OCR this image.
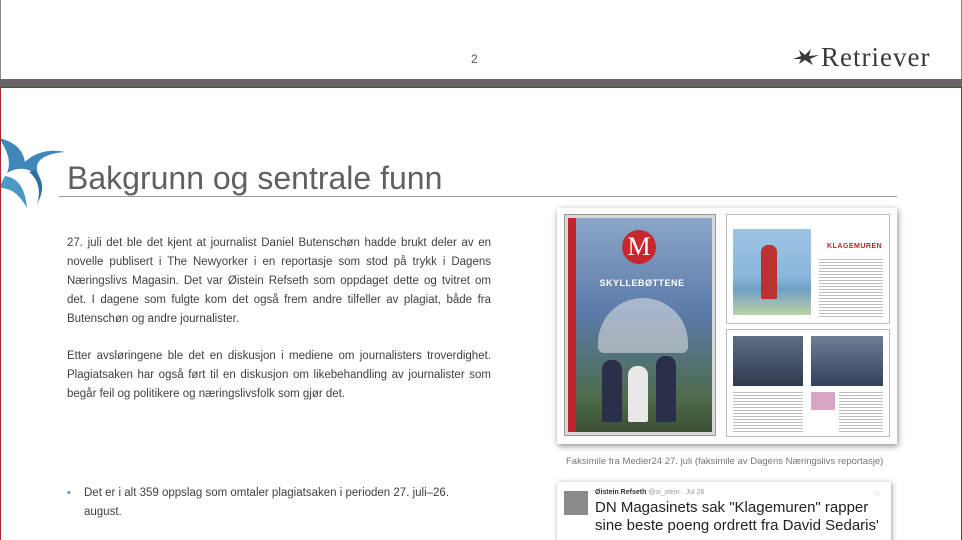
2	Retriever
Bakgrunn og sentrale funn

27. juli det ble det kjent at journalist Daniel Butenschøn hadde brukt deler av en novelle publisert i The Newyorker i en reportasje som stod på trykk i Dagens Næringslivs Magasin. Det var Øistein Refseth som oppdaget dette og tvitret om det. I dagene som fulgte kom det også frem andre tilfeller av plagiat, både fra Butenschøn og andre journalister.

Etter avsløringene ble det en diskusjon i mediene om journalisters troverdighet. Plagiatsaken har også ført til en diskusjon om likebehandling av journalister som begår feil og politikere og næringslivsfolk som gjør det.

• Det er i alt 359 oppslag som omtaler plagiatsaken i perioden 27. juli–26. august.
M
SKYLLEBØTTENE
KLAGEMUREN
Faksimile fra Medier24 27. juli (faksimile av Dagens Næringslivs reportasje)
Øistein Refseth @oi_stein · Jul 26	☆
DN Magasinets sak "Klagemuren" rapper sine beste poeng ordrett fra David Sedaris'
